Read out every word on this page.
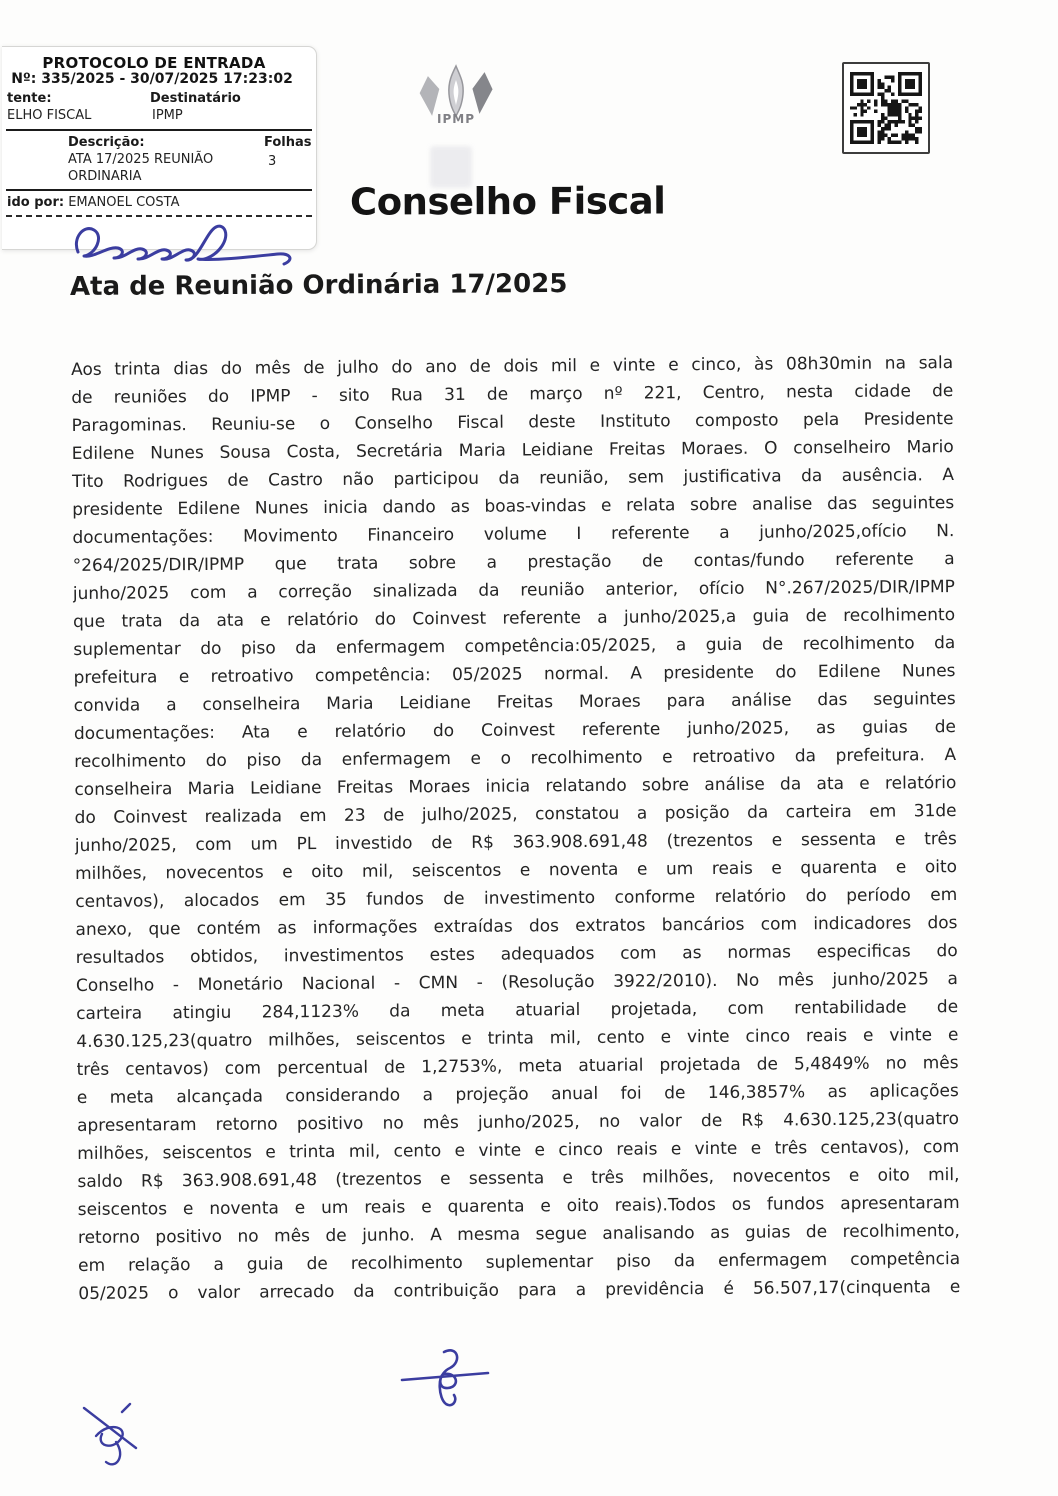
PROTOCOLO DE ENTRADA
Nº: 335/2025 - 30/07/2025 17:23:02
tente:
ELHO FISCAL
Destinatário
IPMP
Descrição:	Folhas
ATA 17/2025 REUNIÃO	3
ORDINARIA
ido por: EMANOEL COSTA
IPMP
Conselho Fiscal
Ata de Reunião Ordinária 17/2025
Aos trinta dias do mês de julho do ano de dois mil e vinte e cinco, às 08h30min na sala
de reuniões do IPMP - sito Rua 31 de março nº 221, Centro, nesta cidade de
Paragominas. Reuniu-se o Conselho Fiscal deste Instituto composto pela Presidente
Edilene Nunes Sousa Costa, Secretária Maria Leidiane Freitas Moraes. O conselheiro Mario
Tito Rodrigues de Castro não participou da reunião, sem justificativa da ausência. A
presidente Edilene Nunes inicia dando as boas-vindas e relata sobre analise das seguintes
documentações: Movimento Financeiro volume I referente a junho/2025,ofício N.
°264/2025/DIR/IPMP que trata sobre a prestação de contas/fundo referente a
junho/2025 com a correção sinalizada da reunião anterior, ofício N°.267/2025/DIR/IPMP
que trata da ata e relatório do Coinvest referente a junho/2025,a guia de recolhimento
suplementar do piso da enfermagem competência:05/2025, a guia de recolhimento da
prefeitura e retroativo competência: 05/2025 normal. A presidente do Edilene Nunes
convida a conselheira Maria Leidiane Freitas Moraes para análise das seguintes
documentações: Ata e relatório do Coinvest referente junho/2025, as guias de
recolhimento do piso da enfermagem e o recolhimento e retroativo da prefeitura. A
conselheira Maria Leidiane Freitas Moraes inicia relatando sobre análise da ata e relatório
do Coinvest realizada em 23 de julho/2025, constatou a posição da carteira em 31de
junho/2025, com um PL investido de R$ 363.908.691,48 (trezentos e sessenta e três
milhões, novecentos e oito mil, seiscentos e noventa e um reais e quarenta e oito
centavos), alocados em 35 fundos de investimento conforme relatório do período em
anexo, que contém as informações extraídas dos extratos bancários com indicadores dos
resultados obtidos, investimentos estes adequados com as normas especificas do
Conselho - Monetário Nacional - CMN - (Resolução 3922/2010). No mês junho/2025 a
carteira atingiu 284,1123% da meta atuarial projetada, com rentabilidade de
4.630.125,23(quatro milhões, seiscentos e trinta mil, cento e vinte cinco reais e vinte e
três centavos) com percentual de 1,2753%, meta atuarial projetada de 5,4849% no mês
e meta alcançada considerando a projeção anual foi de 146,3857% as aplicações
apresentaram retorno positivo no mês junho/2025, no valor de R$ 4.630.125,23(quatro
milhões, seiscentos e trinta mil, cento e vinte e cinco reais e vinte e três centavos), com
saldo R$ 363.908.691,48 (trezentos e sessenta e três milhões, novecentos e oito mil,
seiscentos e noventa e um reais e quarenta e oito reais).Todos os fundos apresentaram
retorno positivo no mês de junho. A mesma segue analisando as guias de recolhimento,
em relação a guia de recolhimento suplementar piso da enfermagem competência
05/2025 o valor arrecado da contribuição para a previdência é 56.507,17(cinquenta e
